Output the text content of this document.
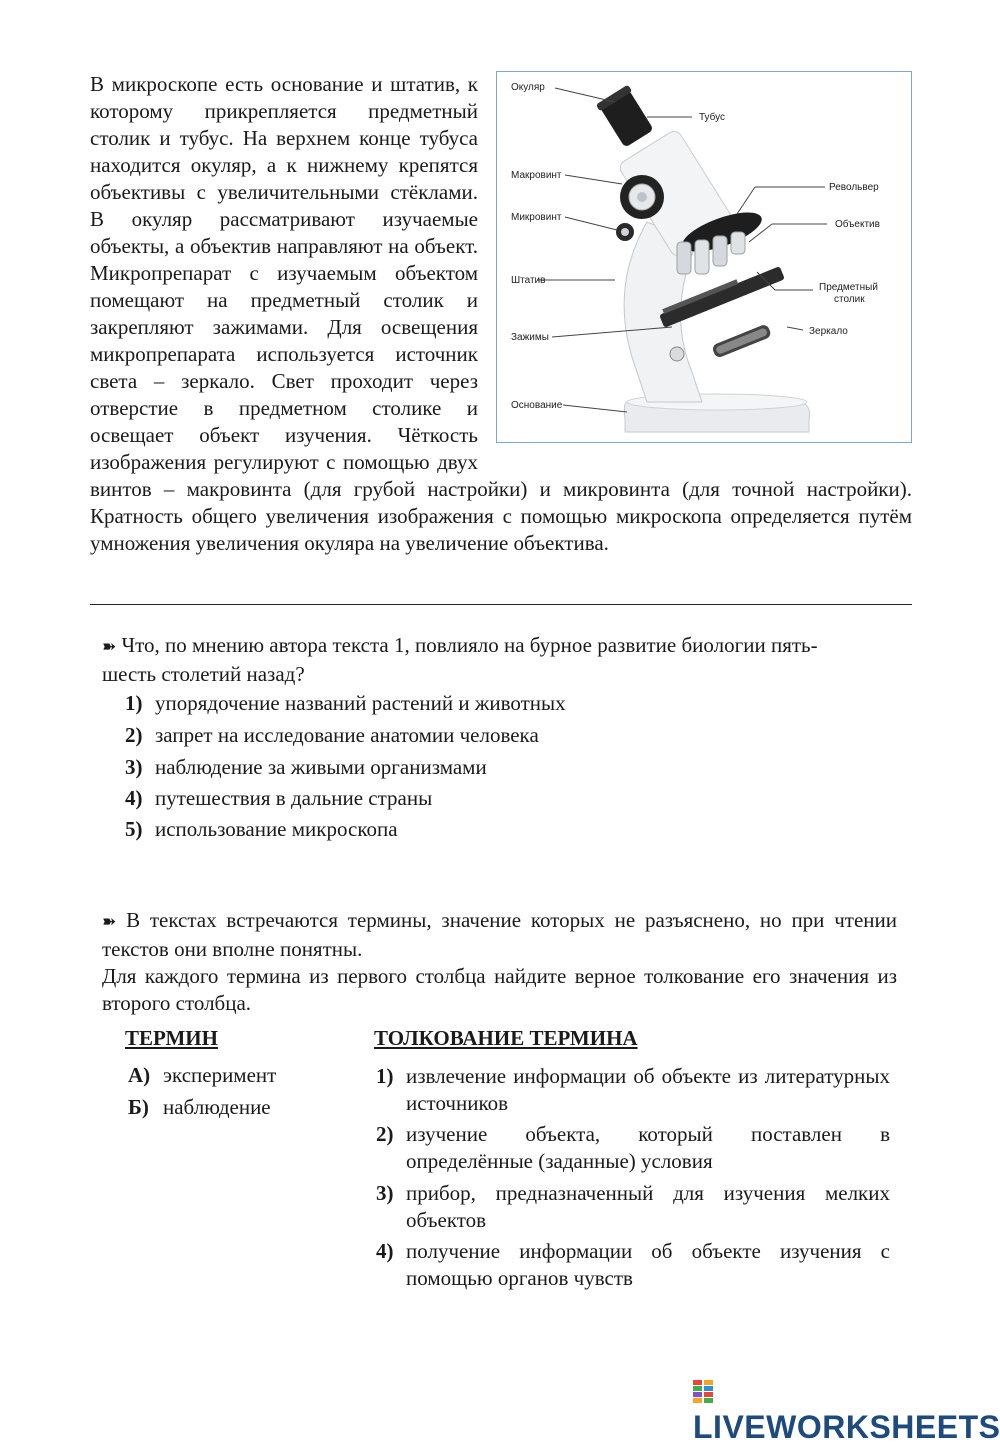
Окуляр
Тубус
Макровинт
Револьвер
Микровинт
Объектив
Штатив
Предметный
столик
Зажимы
Зеркало
Основание
В микроскопе есть основание и штатив, к которому прикрепляется предметный столик и тубус. На верхнем конце тубуса находится окуляр, а к нижнему крепятся объективы с увеличительными стёклами. В окуляр рассматривают изучаемые объекты, а объектив направляют на объект. Микропрепарат с изучаемым объектом помещают на предметный столик и закрепляют зажимами. Для освещения микропрепарата используется источник света – зеркало. Свет проходит через отверстие в предметном столике и освещает объект изучения. Чёткость изображения регулируют с помощью двух винтов – макровинта (для грубой настройки) и микровинта (для точной настройки). Кратность общего увеличения изображения с помощью микроскопа определяется путём умножения увеличения окуляра на увеличение объектива.

➽ Что, по мнению автора текста 1, повлияло на бурное развитие биологии пять-шесть столетий назад?

1) упорядочение названий растений и животных
2) запрет на исследование анатомии человека
3) наблюдение за живыми организмами
4) путешествия в дальние страны
5) использование микроскопа

➽ В текстах встречаются термины, значение которых не разъяснено, но при чтении текстов они вполне понятны.

Для каждого термина из первого столбца найдите верное толкование его значения из второго столбца.

ТЕРМИН	ТОЛКОВАНИЕ ТЕРМИНА
А) эксперимент
Б) наблюдение
1) извлечение информации об объекте из литературных источников
2) изучение объекта, который поставлен в определённые (заданные) условия
3) прибор, предназначенный для изучения мелких объектов
4) получение информации об объекте изучения с помощью органов чувств
LIVEWORKSHEETS
